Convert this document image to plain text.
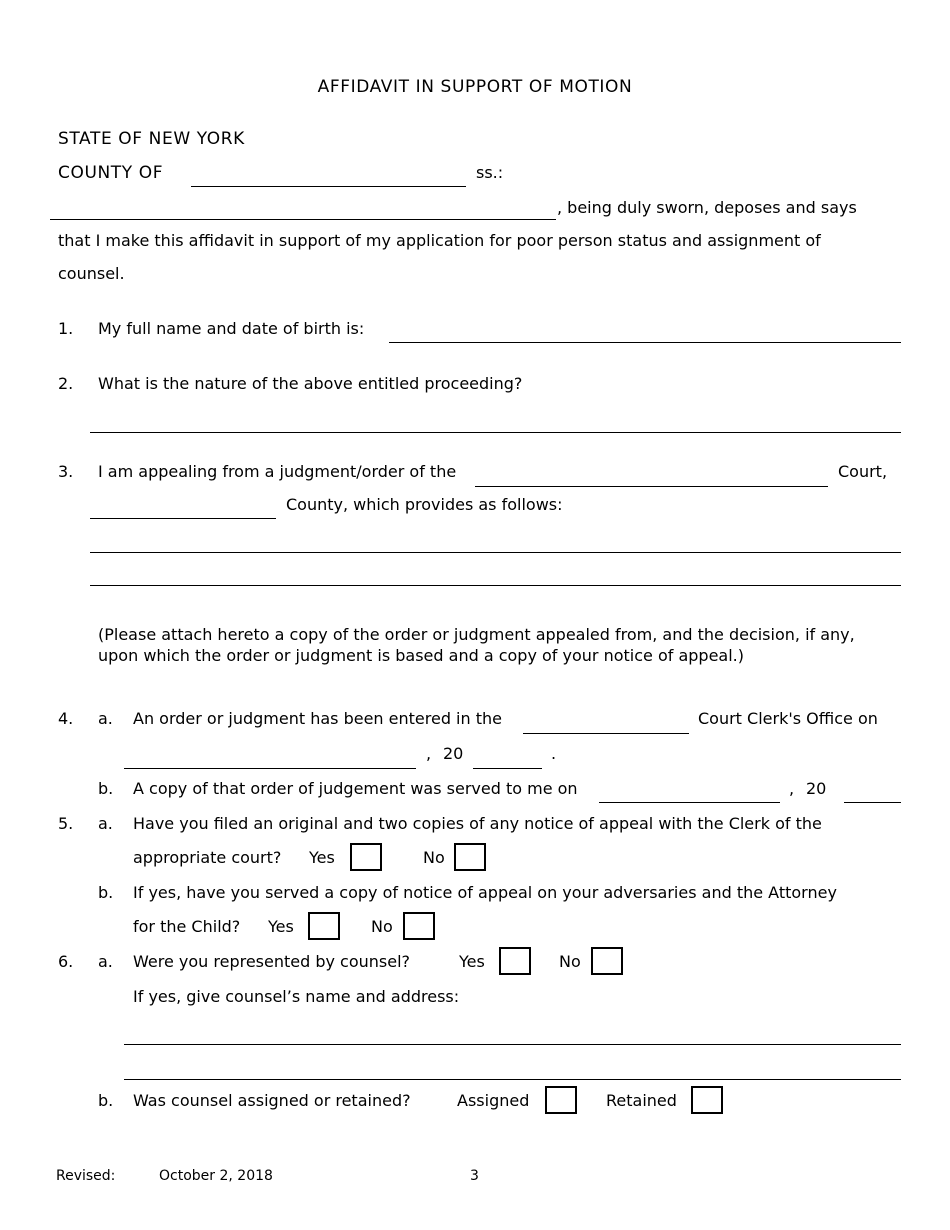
AFFIDAVIT IN SUPPORT OF MOTION
STATE OF NEW YORK
COUNTY OF	ss.:
, being duly sworn, deposes and says
that I make this affidavit in support of my application for poor person status and assignment of
counsel.
1. My full name and date of birth is:
2. What is the nature of the above entitled proceeding?
3. I am appealing from a judgment/order of the	Court,
County, which provides as follows:
(Please attach hereto a copy of the order or judgment appealed from, and the decision, if any,
upon which the order or judgment is based and a copy of your notice of appeal.)
4. a. An order or judgment has been entered in the	Court Clerk's Office on
, 20	.
b. A copy of that order of judgement was served to me on	, 20
5. a. Have you filed an original and two copies of any notice of appeal with the Clerk of the
appropriate court? Yes	No
b. If yes, have you served a copy of notice of appeal on your adversaries and the Attorney
for the Child? Yes	No
6. a. Were you represented by counsel?	Yes	No
If yes, give counsel’s name and address:
b. Was counsel assigned or retained?	Assigned	Retained
Revised:	October 2, 2018	3
